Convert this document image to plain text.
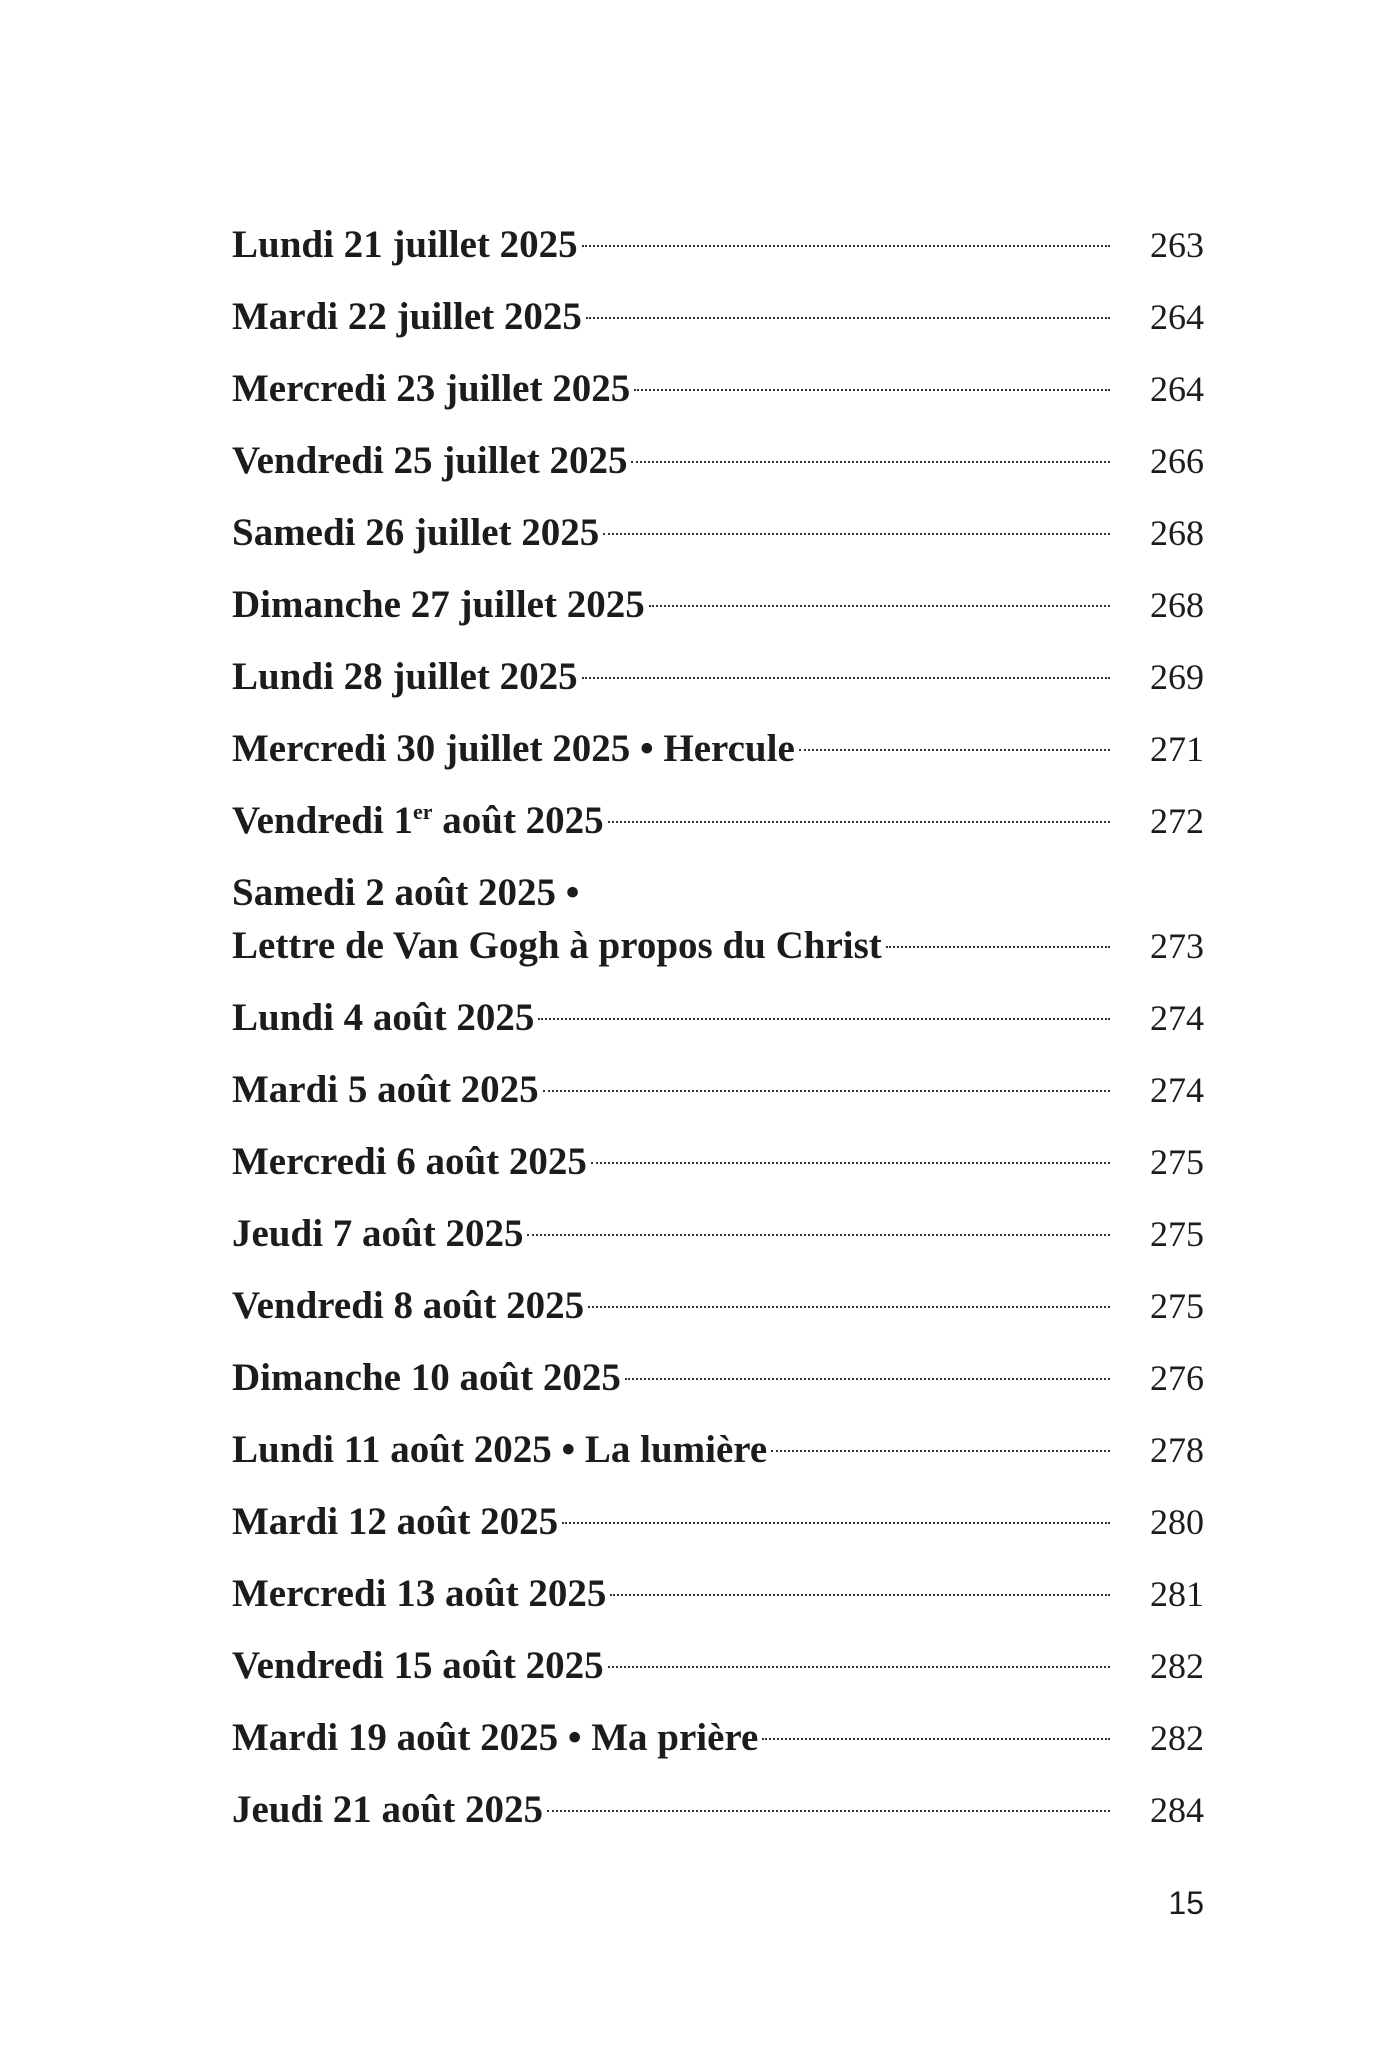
Lundi 21 juillet 2025	263
Mardi 22 juillet 2025	264
Mercredi 23 juillet 2025	264
Vendredi 25 juillet 2025	266
Samedi 26 juillet 2025	268
Dimanche 27 juillet 2025	268
Lundi 28 juillet 2025	269
Mercredi 30 juillet 2025 • Hercule	271
Vendredi 1er août 2025	272
Samedi 2 août 2025 •
Lettre de Van Gogh à propos du Christ	273
Lundi 4 août 2025	274
Mardi 5 août 2025	274
Mercredi 6 août 2025	275
Jeudi 7 août 2025	275
Vendredi 8 août 2025	275
Dimanche 10 août 2025	276
Lundi 11 août 2025 • La lumière	278
Mardi 12 août 2025	280
Mercredi 13 août 2025	281
Vendredi 15 août 2025	282
Mardi 19 août 2025 • Ma prière	282
Jeudi 21 août 2025	284
15
